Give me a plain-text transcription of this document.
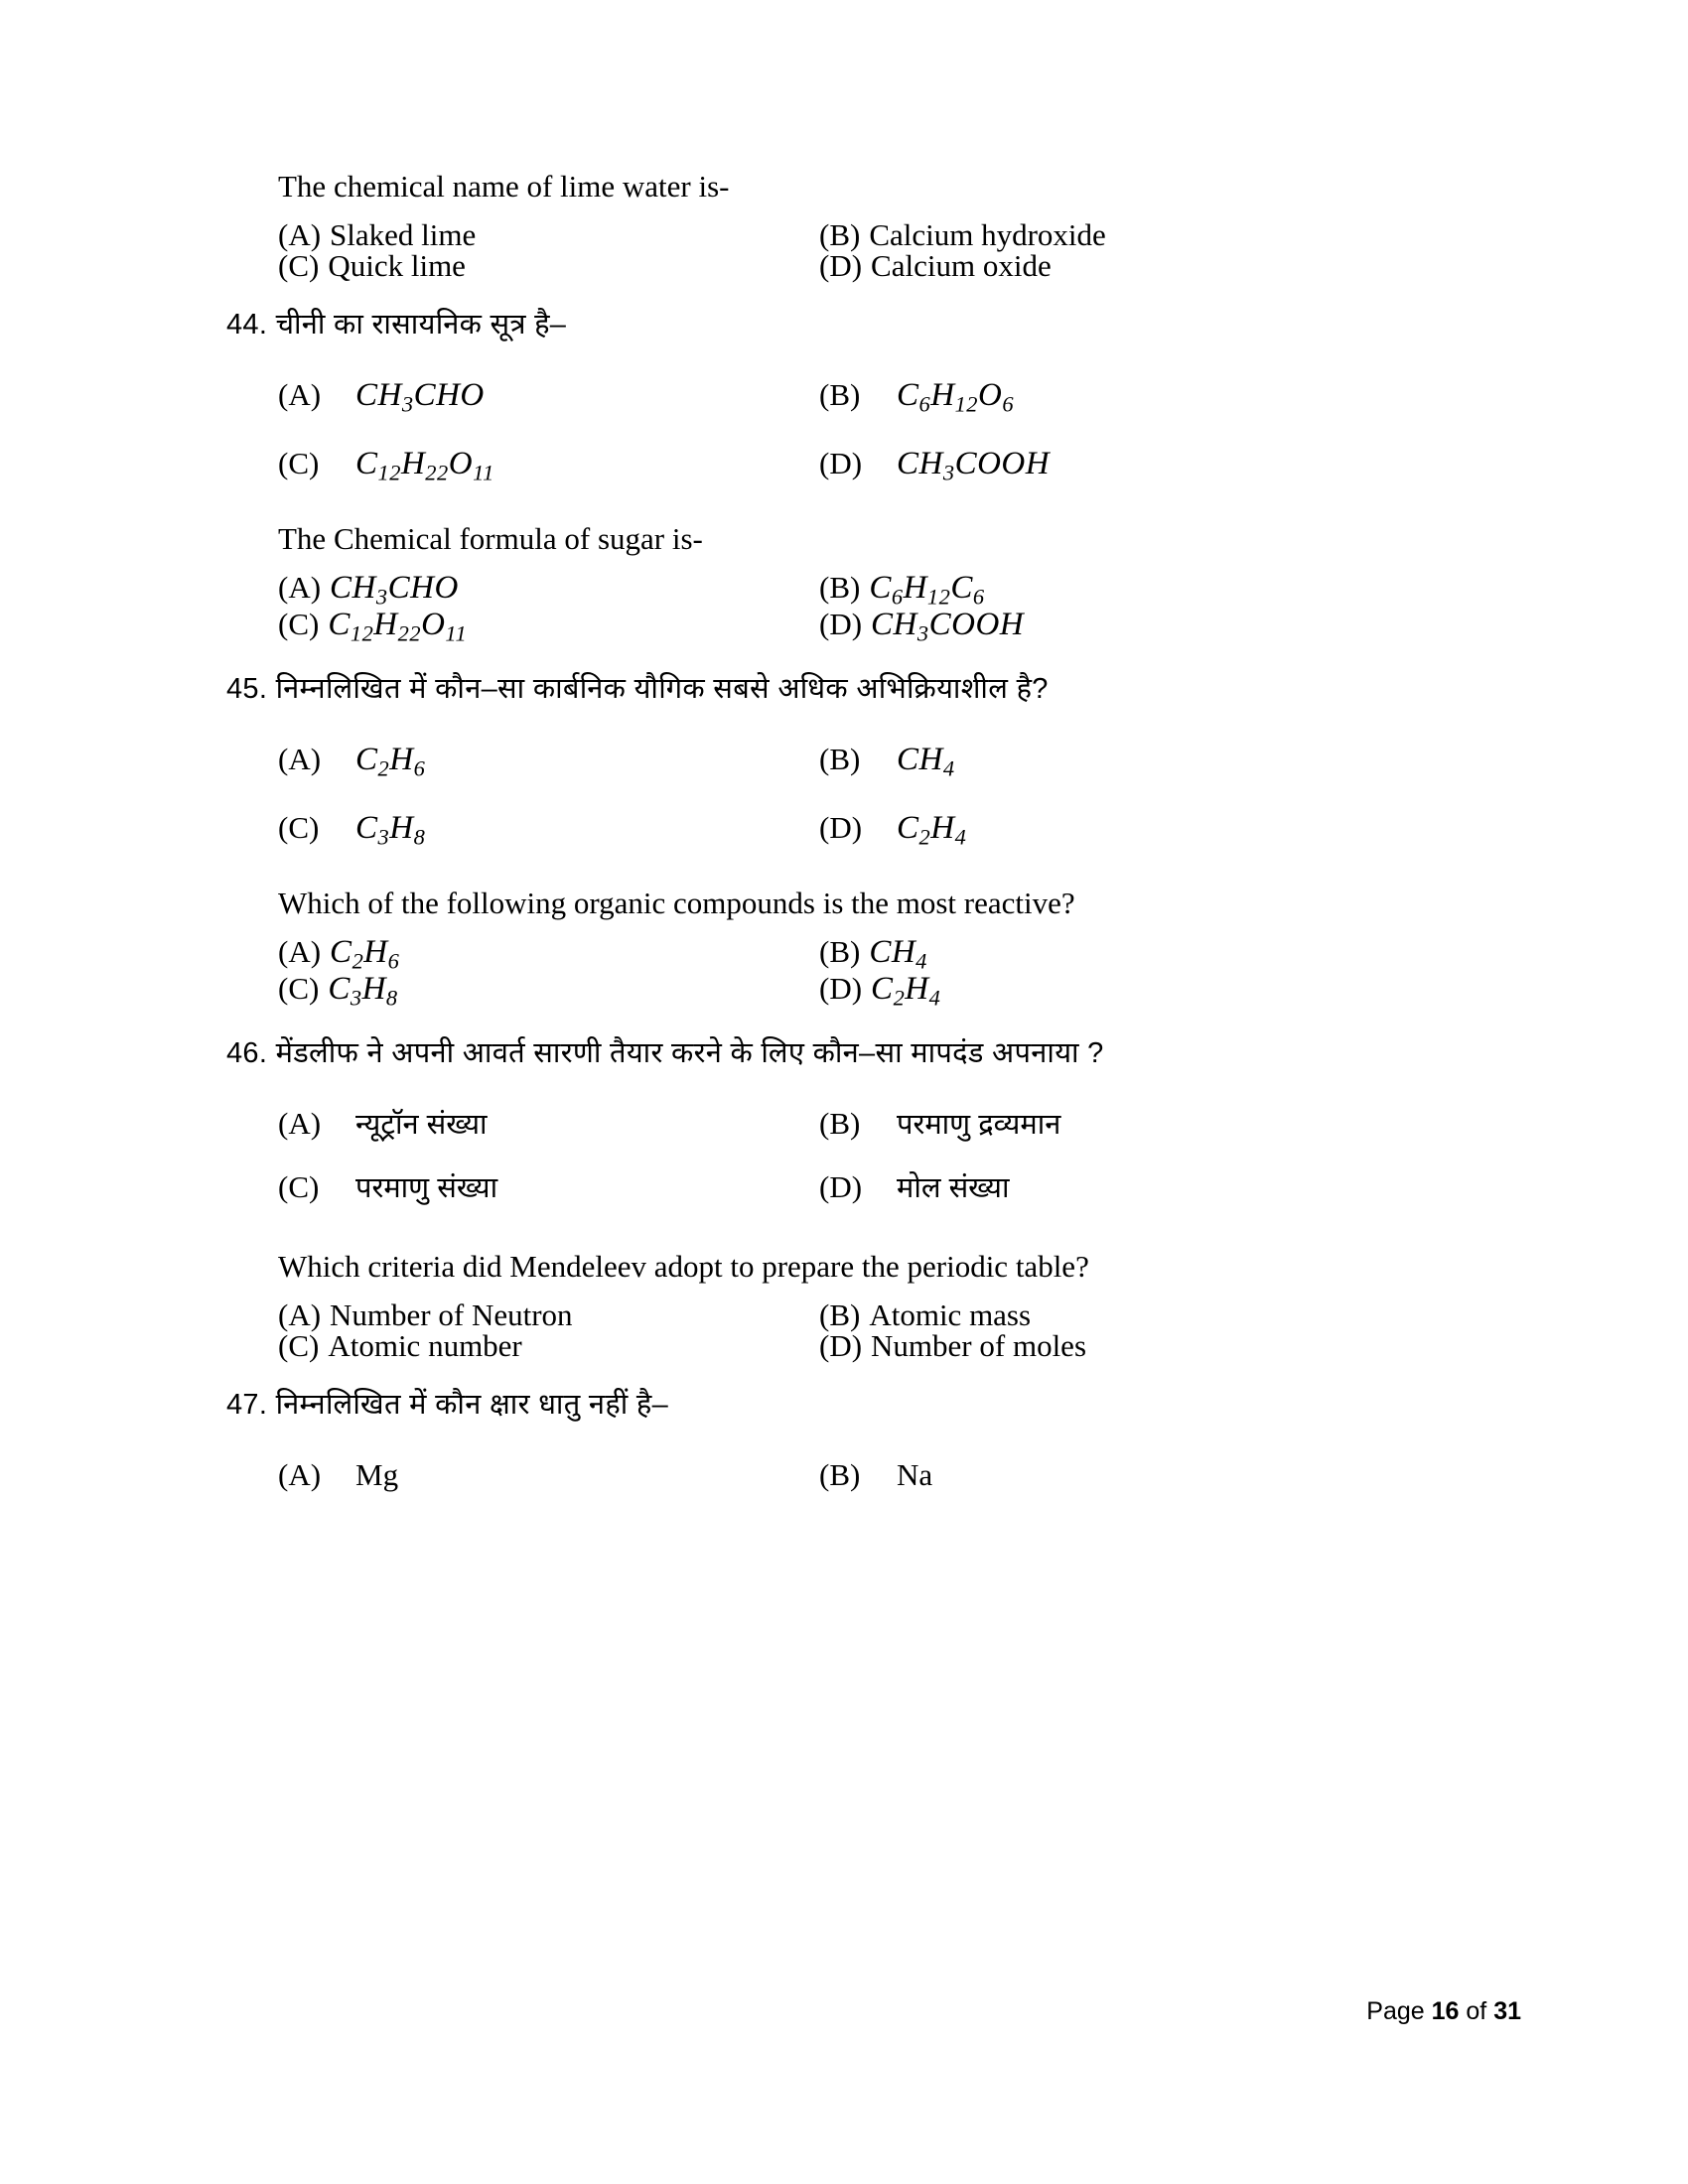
The chemical name of lime water is-
(A) Slaked lime	(B) Calcium hydroxide
(C) Quick lime	(D) Calcium oxide
44. चीनी का रासायनिक सूत्र है–
(A)	$CH_3CHO$	(B)	$C_6H_{12}O_6$
(C)	$C_{12}H_{22}O_{11}$	(D)	$CH_3COOH$
The Chemical formula of sugar is-
(A) $CH_3CHO$	(B) $C_6H_{12}C_6$
(C) $C_{12}H_{22}O_{11}$	(D) $CH_3COOH$
45. निम्नलिखित में कौन–सा कार्बनिक यौगिक सबसे अधिक अभिक्रियाशील है?
(A)	$C_2H_6$	(B)	$CH_4$
(C)	$C_3H_8$	(D)	$C_2H_4$
Which of the following organic compounds is the most reactive?
(A) $C_2H_6$	(B) $CH_4$
(C) $C_3H_8$	(D) $C_2H_4$
46. मेंडलीफ ने अपनी आवर्त सारणी तैयार करने के लिए कौन–सा मापदंड अपनाया ?
(A)	न्यूट्रॉन संख्या	(B)	परमाणु द्रव्यमान
(C)	परमाणु संख्या	(D)	मोल संख्या
Which criteria did Mendeleev adopt to prepare the periodic table?
(A) Number of Neutron	(B) Atomic mass
(C) Atomic number	(D) Number of moles
47. निम्नलिखित में कौन क्षार धातु नहीं है–
(A)	Mg	(B)	Na
Page 16 of 31
